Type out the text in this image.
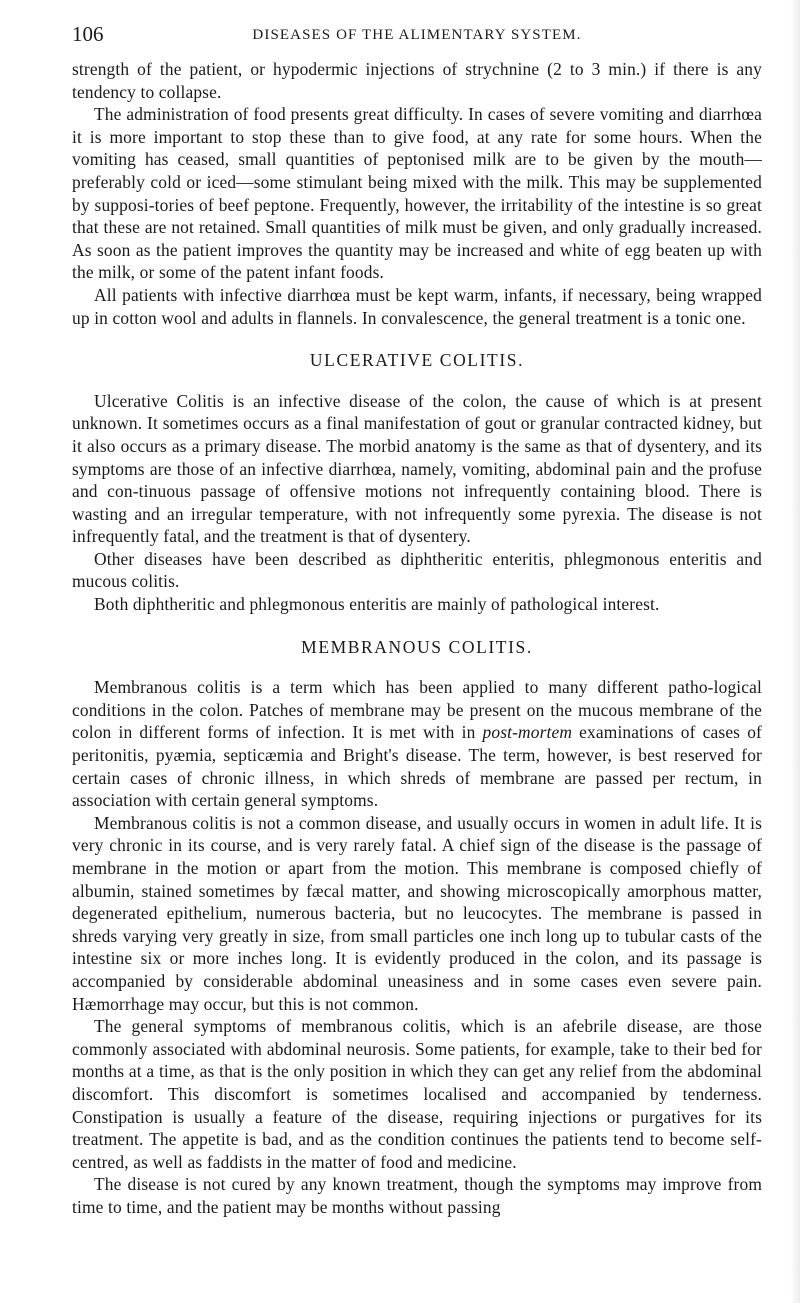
106	DISEASES OF THE ALIMENTARY SYSTEM.

strength of the patient, or hypodermic injections of strychnine (2 to 3 min.) if there is any tendency to collapse.

The administration of food presents great difficulty. In cases of severe vomiting and diarrhœa it is more important to stop these than to give food, at any rate for some hours. When the vomiting has ceased, small quantities of peptonised milk are to be given by the mouth—preferably cold or iced—some stimulant being mixed with the milk. This may be supplemented by supposi-tories of beef peptone. Frequently, however, the irritability of the intestine is so great that these are not retained. Small quantities of milk must be given, and only gradually increased. As soon as the patient improves the quantity may be increased and white of egg beaten up with the milk, or some of the patent infant foods.

All patients with infective diarrhœa must be kept warm, infants, if necessary, being wrapped up in cotton wool and adults in flannels. In convalescence, the general treatment is a tonic one.

ULCERATIVE COLITIS.

Ulcerative Colitis is an infective disease of the colon, the cause of which is at present unknown. It sometimes occurs as a final manifestation of gout or granular contracted kidney, but it also occurs as a primary disease. The morbid anatomy is the same as that of dysentery, and its symptoms are those of an infective diarrhœa, namely, vomiting, abdominal pain and the profuse and con-tinuous passage of offensive motions not infrequently containing blood. There is wasting and an irregular temperature, with not infrequently some pyrexia. The disease is not infrequently fatal, and the treatment is that of dysentery.

Other diseases have been described as diphtheritic enteritis, phlegmonous enteritis and mucous colitis.

Both diphtheritic and phlegmonous enteritis are mainly of pathological interest.

MEMBRANOUS COLITIS.

Membranous colitis is a term which has been applied to many different patho-logical conditions in the colon. Patches of membrane may be present on the mucous membrane of the colon in different forms of infection. It is met with in post-mortem examinations of cases of peritonitis, pyæmia, septicæmia and Bright's disease. The term, however, is best reserved for certain cases of chronic illness, in which shreds of membrane are passed per rectum, in association with certain general symptoms.

Membranous colitis is not a common disease, and usually occurs in women in adult life. It is very chronic in its course, and is very rarely fatal. A chief sign of the disease is the passage of membrane in the motion or apart from the motion. This membrane is composed chiefly of albumin, stained sometimes by fæcal matter, and showing microscopically amorphous matter, degenerated epithelium, numerous bacteria, but no leucocytes. The membrane is passed in shreds varying very greatly in size, from small particles one inch long up to tubular casts of the intestine six or more inches long. It is evidently produced in the colon, and its passage is accompanied by considerable abdominal uneasiness and in some cases even severe pain. Hæmorrhage may occur, but this is not common.

The general symptoms of membranous colitis, which is an afebrile disease, are those commonly associated with abdominal neurosis. Some patients, for example, take to their bed for months at a time, as that is the only position in which they can get any relief from the abdominal discomfort. This discomfort is sometimes localised and accompanied by tenderness. Constipation is usually a feature of the disease, requiring injections or purgatives for its treatment. The appetite is bad, and as the condition continues the patients tend to become self-centred, as well as faddists in the matter of food and medicine.

The disease is not cured by any known treatment, though the symptoms may improve from time to time, and the patient may be months without passing
